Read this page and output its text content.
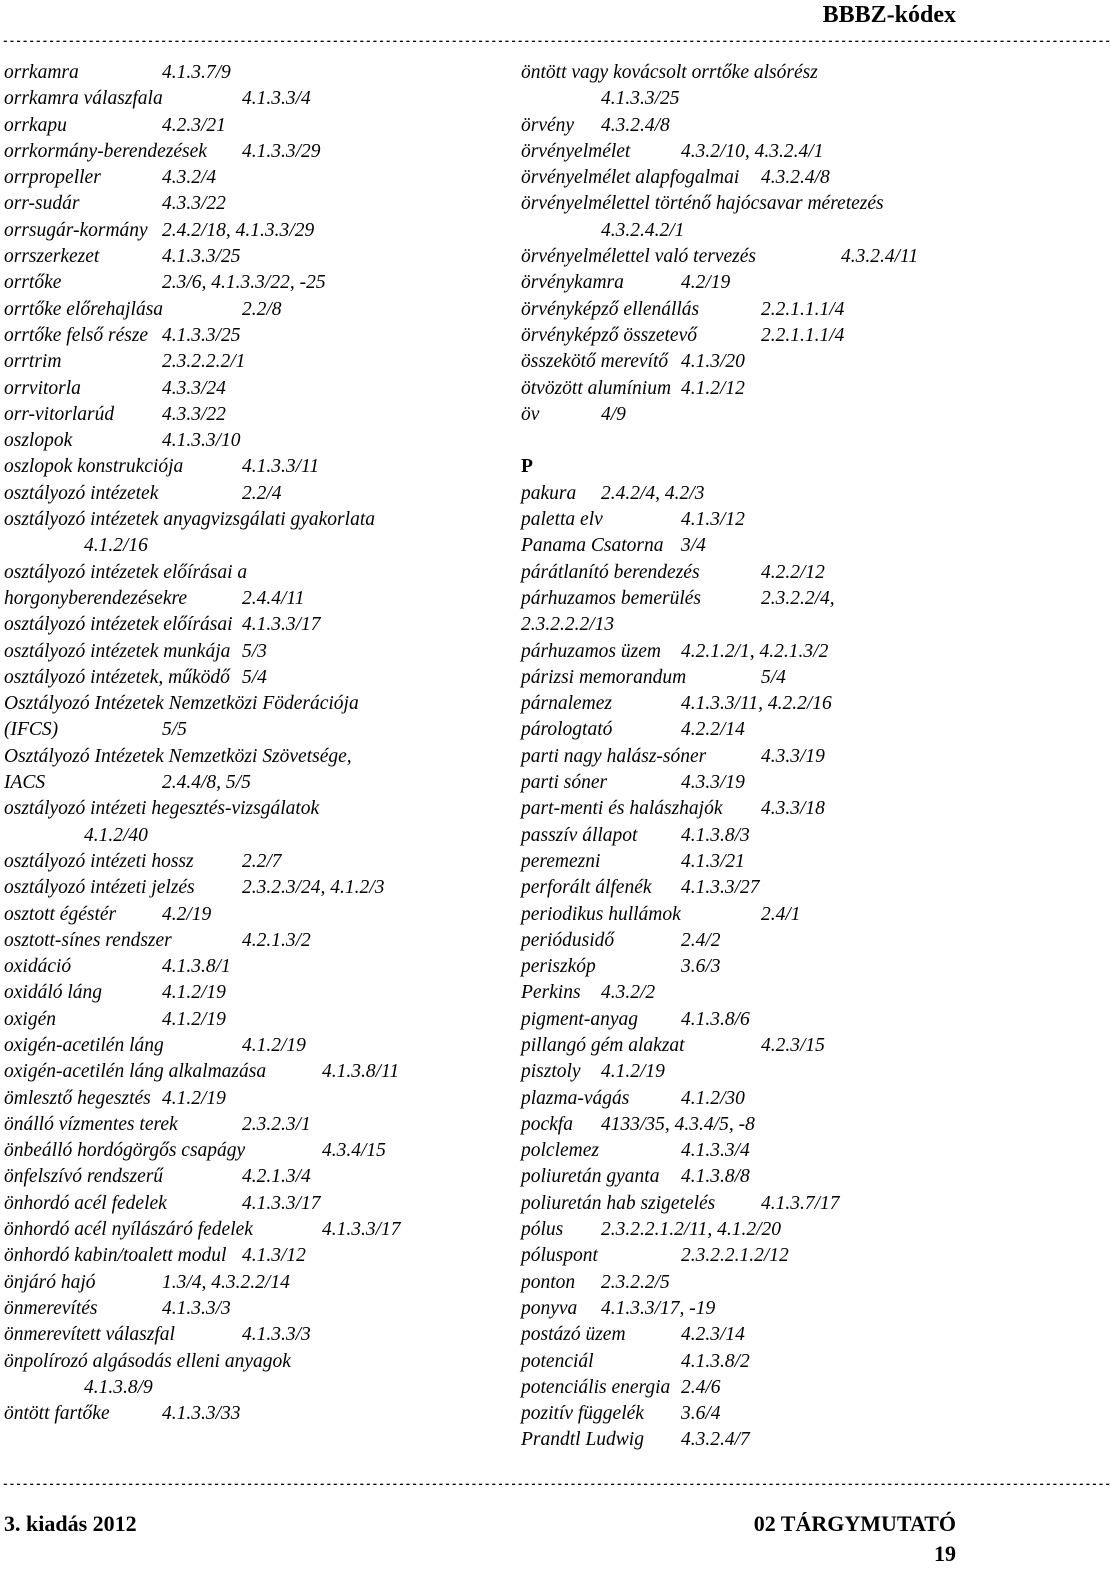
BBBZ-kódex
------------------------------------------------------------------------------------------------------------------------------------------------------------------------
orrkamra	4.1.3.7/9
orrkamra válaszfala	4.1.3.3/4
orrkapu	4.2.3/21
orrkormány-berendezések 4.1.3.3/29
orrpropeller	4.3.2/4
orr-sudár	4.3.3/22
orrsugár-kormány 2.4.2/18, 4.1.3.3/29
orrszerkezet	4.1.3.3/25
orrtőke	2.3/6, 4.1.3.3/22, -25
orrtőke előrehajlása	2.2/8
orrtőke felső része 4.1.3.3/25
orrtrim	2.3.2.2.2/1
orrvitorla	4.3.3/24
orr-vitorlarúd 4.3.3/22
oszlopok	4.1.3.3/10
oszlopok konstrukciója	4.1.3.3/11
osztályozó intézetek	2.2/4
osztályozó intézetek anyagvizsgálati gyakorlata
4.1.2/16
osztályozó intézetek előírásai a
horgonyberendezésekre	2.4.4/11
osztályozó intézetek előírásai 4.1.3.3/17
osztályozó intézetek munkája 5/3
osztályozó intézetek, működő 5/4
Osztályozó Intézetek Nemzetközi Föderációja
(IFCS)	5/5
Osztályozó Intézetek Nemzetközi Szövetsége,
IACS	2.4.4/8, 5/5
osztályozó intézeti hegesztés-vizsgálatok
4.1.2/40
osztályozó intézeti hossz 2.2/7
osztályozó intézeti jelzés 2.3.2.3/24, 4.1.2/3
osztott égéstér 4.2/19
osztott-sínes rendszer	4.2.1.3/2
oxidáció	4.1.3.8/1
oxidáló láng	4.1.2/19
oxigén	4.1.2/19
oxigén-acetilén láng	4.1.2/19
oxigén-acetilén láng alkalmazása	4.1.3.8/11
ömlesztő hegesztés 4.1.2/19
önálló vízmentes terek	2.3.2.3/1
önbeálló hordógörgős csapágy	4.3.4/15
önfelszívó rendszerű	4.2.1.3/4
önhordó acél fedelek	4.1.3.3/17
önhordó acél nyílászáró fedelek	4.1.3.3/17
önhordó kabin/toalett modul 4.1.3/12
önjáró hajó	1.3/4, 4.3.2.2/14
önmerevítés	4.1.3.3/3
önmerevített válaszfal	4.1.3.3/3
önpolírozó algásodás elleni anyagok
4.1.3.8/9
öntött fartőke	4.1.3.3/33
öntött vagy kovácsolt orrtőke alsórész
4.1.3.3/25
örvény 4.3.2.4/8
örvényelmélet	4.3.2/10, 4.3.2.4/1
örvényelmélet alapfogalmai 4.3.2.4/8
örvényelmélettel történő hajócsavar méretezés
4.3.2.4.2/1
örvényelmélettel való tervezés	4.3.2.4/11
örvénykamra	4.2/19
örvényképző ellenállás	2.2.1.1.1/4
örvényképző összetevő	2.2.1.1.1/4
összekötő merevítő 4.1.3/20
ötvözött alumínium 4.1.2/12
öv	4/9

P
pakura 2.4.2/4, 4.2/3
paletta elv	4.1.3/12
Panama Csatorna 3/4
párátlanító berendezés	4.2.2/12
párhuzamos bemerülés	2.3.2.2/4,
2.3.2.2.2/13
párhuzamos üzem 4.2.1.2/1, 4.2.1.3/2
párizsi memorandum	5/4
párnalemez	4.1.3.3/11, 4.2.2/16
párologtató	4.2.2/14
parti nagy halász-sóner	4.3.3/19
parti sóner	4.3.3/19
part-menti és halászhajók 4.3.3/18
passzív állapot 4.1.3.8/3
peremezni	4.1.3/21
perforált álfenék 4.1.3.3/27
periodikus hullámok	2.4/1
periódusidő	2.4/2
periszkóp	3.6/3
Perkins 4.3.2/2
pigment-anyag 4.1.3.8/6
pillangó gém alakzat	4.2.3/15
pisztoly 4.1.2/19
plazma-vágás	4.1.2/30
pockfa 4133/35, 4.3.4/5, -8
polclemez	4.1.3.3/4
poliuretán gyanta 4.1.3.8/8
poliuretán hab szigetelés 4.1.3.7/17
pólus 2.3.2.2.1.2/11, 4.1.2/20
póluspont	2.3.2.2.1.2/12
ponton 2.3.2.2/5
ponyva 4.1.3.3/17, -19
postázó üzem	4.2.3/14
potenciál	4.1.3.8/2
potenciális energia 2.4/6
pozitív függelék 3.6/4
Prandtl Ludwig 4.3.2.4/7
------------------------------------------------------------------------------------------------------------------------------------------------------------------------
3. kiadás 2012	02 TÁRGYMUTATÓ
19
